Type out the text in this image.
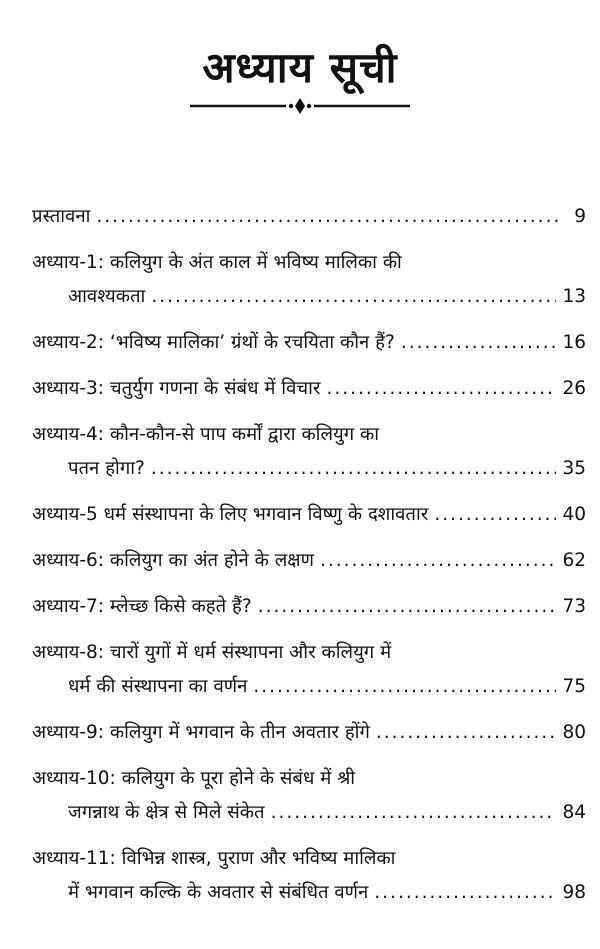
अध्याय सूची
प्रस्तावना .....	9
अध्याय-1: कलियुग के अंत काल में भविष्य मालिका की
आवश्यकता .....	13
अध्याय-2: ‘भविष्य मालिका’ ग्रंथों के रचयिता कौन हैं? .....	16
अध्याय-3: चतुर्युग गणना के संबंध में विचार .....	26
अध्याय-4: कौन-कौन-से पाप कर्मों द्वारा कलियुग का
पतन होगा? .....	35
अध्याय-5 धर्म संस्थापना के लिए भगवान विष्णु के दशावतार .....	40
अध्याय-6: कलियुग का अंत होने के लक्षण .....	62
अध्याय-7: म्लेच्छ किसे कहते हैं? .....	73
अध्याय-8: चारों युगों में धर्म संस्थापना और कलियुग में
धर्म की संस्थापना का वर्णन .....	75
अध्याय-9: कलियुग में भगवान के तीन अवतार होंगे .....	80
अध्याय-10: कलियुग के पूरा होने के संबंध में श्री
जगन्नाथ के क्षेत्र से मिले संकेत .....	84
अध्याय-11: विभिन्न शास्त्र, पुराण और भविष्य मालिका
में भगवान कल्कि के अवतार से संबंधित वर्णन .....	98
